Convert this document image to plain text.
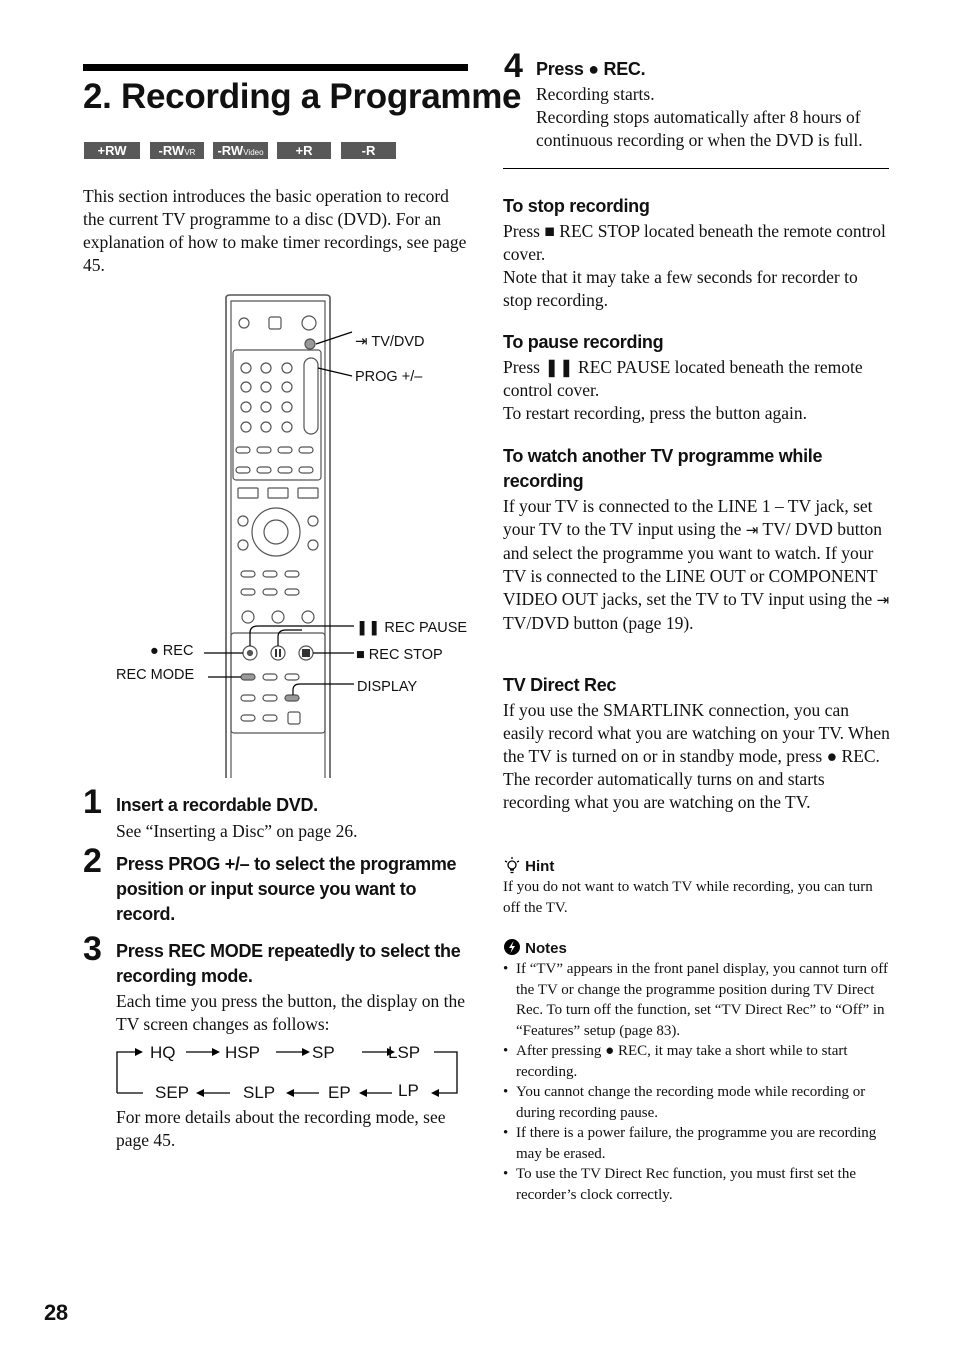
2. Recording a Programme
+RW	-RWVR	-RWVideo	+R	-R

This section introduces the basic operation to record the current TV programme to a disc (DVD). For an explanation of how to make timer recordings, see page 45.

⇥ TV/DVD
PROG +/–
❚❚ REC PAUSE
■ REC STOP
DISPLAY
● REC
REC MODE
1 Insert a recordable DVD.

See “Inserting a Disc” on page 26.

2 Press PROG +/– to select the programme position or input source you want to record.
3 Press REC MODE repeatedly to select the recording mode.

Each time you press the button, the display on the TV screen changes as follows:

HQ	HSP	SP	LSP
SEP	SLP	EP	LP

For more details about the recording mode, see page 45.

28
4 Press ● REC.

Recording starts.

Recording stops automatically after 8 hours of continuous recording or when the DVD is full.

To stop recording

Press ■ REC STOP located beneath the remote control cover.

Note that it may take a few seconds for recorder to stop recording.

To pause recording

Press ❚❚ REC PAUSE located beneath the remote control cover.

To restart recording, press the button again.

To watch another TV programme while recording

If your TV is connected to the LINE 1 – TV jack, set your TV to the TV input using the ⇥ TV/ DVD button and select the programme you want to watch. If your TV is connected to the LINE OUT or COMPONENT VIDEO OUT jacks, set the TV to TV input using the ⇥ TV/DVD button (page 19).

TV Direct Rec

If you use the SMARTLINK connection, you can easily record what you are watching on your TV. When the TV is turned on or in standby mode, press ● REC. The recorder automatically turns on and starts recording what you are watching on the TV.

Hint

If you do not want to watch TV while recording, you can turn off the TV.

Notes
• If “TV” appears in the front panel display, you cannot turn off the TV or change the programme position during TV Direct Rec. To turn off the function, set “TV Direct Rec” to “Off” in “Features” setup (page 83).
• After pressing ● REC, it may take a short while to start recording.
• You cannot change the recording mode while recording or during recording pause.
• If there is a power failure, the programme you are recording may be erased.
• To use the TV Direct Rec function, you must first set the recorder’s clock correctly.
